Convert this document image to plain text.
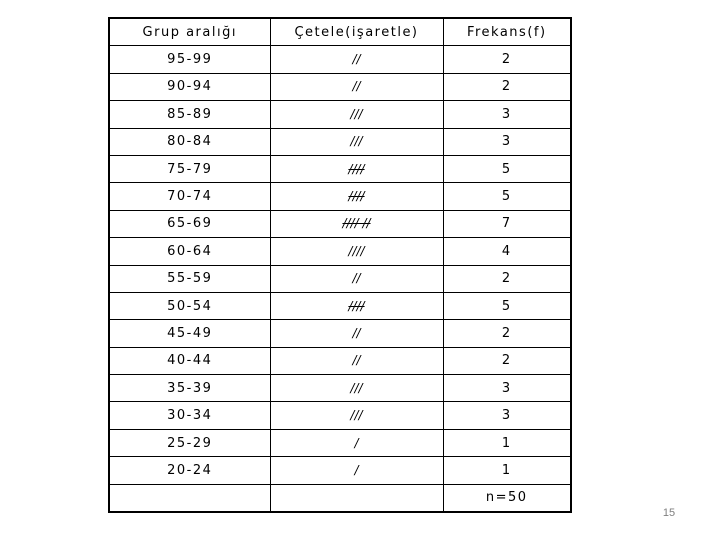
Grup aralığı	Çetele(işaretle)	Frekans(f)
95-99	//	2
90-94	//	2
85-89	///	3
80-84	///	3
75-79	////	5
70-74	////	5
65-69	//// //	7
60-64	////	4
55-59	//	2
50-54	////	5
45-49	//	2
40-44	//	2
35-39	///	3
30-34	///	3
25-29	/	1
20-24	/	1
		n=50
15
